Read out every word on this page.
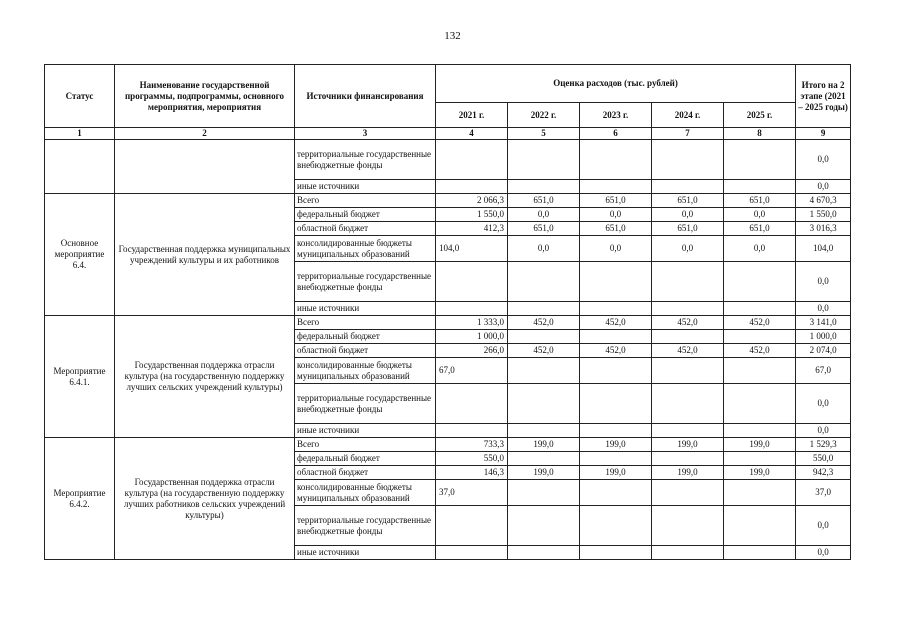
132
Статус	Наименование государственной программы, подпрограммы, основного мероприятия, мероприятия	Источники финансирования	Оценка расходов (тыс. рублей)					Итого на 2 этапе (2021 – 2025 годы)
			2021 г.	2022 г.	2023 г.	2024 г.	2025 г.	
1	2	3	4	5	6	7	8	9
		территориальные государственные внебюджетные фонды						0,0
		иные источники						0,0
Основное мероприятие 6.4.	Государственная поддержка муниципальных учреждений культуры и их работников	Всего	2 066,3	651,0	651,0	651,0	651,0	4 670,3
		федеральный бюджет	1 550,0	0,0	0,0	0,0	0,0	1 550,0
		областной бюджет	412,3	651,0	651,0	651,0	651,0	3 016,3
		консолидированные бюджеты муниципальных образований	104,0	0,0	0,0	0,0	0,0	104,0
		территориальные государственные внебюджетные фонды						0,0
		иные источники						0,0
Мероприятие 6.4.1.	Государственная поддержка отрасли культура (на государственную поддержку лучших сельских учреждений культуры)	Всего	1 333,0	452,0	452,0	452,0	452,0	3 141,0
		федеральный бюджет	1 000,0					1 000,0
		областной бюджет	266,0	452,0	452,0	452,0	452,0	2 074,0
		консолидированные бюджеты муниципальных образований	67,0					67,0
		территориальные государственные внебюджетные фонды						0,0
		иные источники						0,0
Мероприятие 6.4.2.	Государственная поддержка отрасли культура (на государственную поддержку лучших работников сельских учреждений культуры)	Всего	733,3	199,0	199,0	199,0	199,0	1 529,3
		федеральный бюджет	550,0					550,0
		областной бюджет	146,3	199,0	199,0	199,0	199,0	942,3
		консолидированные бюджеты муниципальных образований	37,0					37,0
		территориальные государственные внебюджетные фонды						0,0
		иные источники						0,0
